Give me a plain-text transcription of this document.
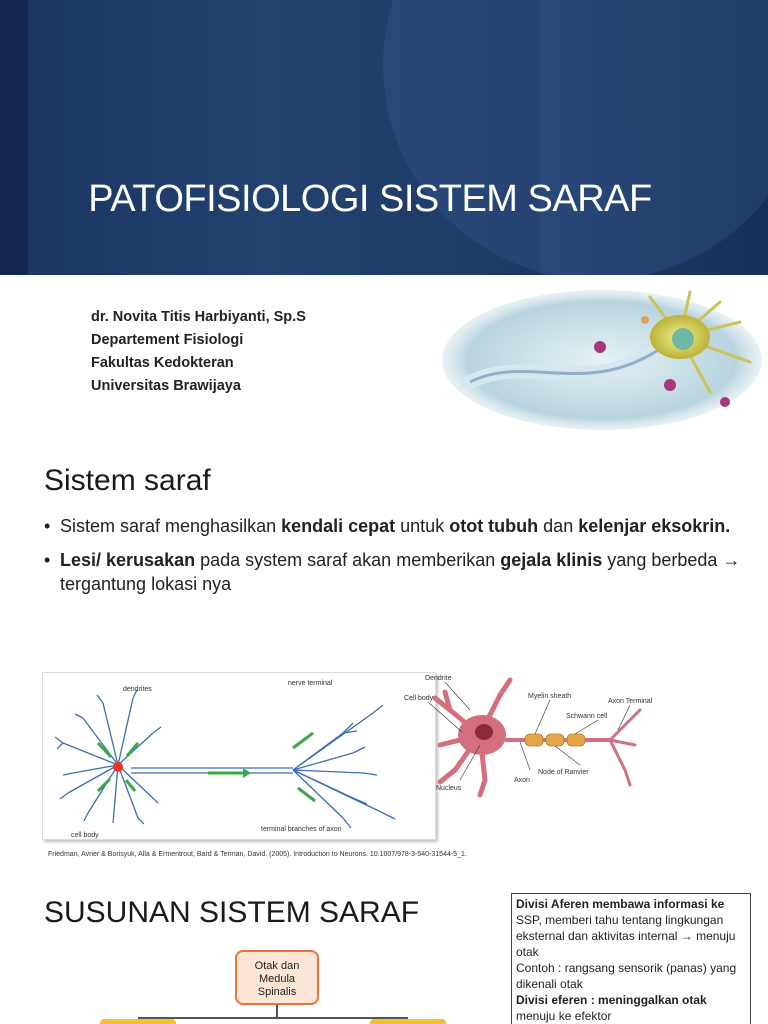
PATOFISIOLOGI SISTEM SARAF
dr. Novita Titis Harbiyanti, Sp.S
Departement Fisiologi
Fakultas Kedokteran
Universitas Brawijaya
Sistem saraf
• Sistem saraf menghasilkan kendali cepat untuk otot tubuh dan kelenjar eksokrin.
• Lesi/ kerusakan pada system saraf akan memberikan gejala klinis yang berbeda → tergantung lokasi nya
dendrites
nerve terminal
cell body
terminal branches of axon
Dendrite
Cell body	Myelin sheath
Schwann cell
Axon Terminal
Node of Ranvier
Nucleus
Axon
Friedman, Avner & Borisyuk, Alla & Ermentrout, Bard & Terman, David. (2005). Introduction to Neurons. 10.1007/978-3-540-31544-5_1.
SUSUNAN SISTEM SARAF
Otak dan
Medula
Spinalis
Divisi Aferen membawa informasi ke SSP, memberi tahu tentang lingkungan eksternal dan aktivitas internal → menuju otak
Contoh : rangsang sensorik (panas) yang dikenali otak
Divisi eferen : meninggalkan otak
menuju ke efektor
